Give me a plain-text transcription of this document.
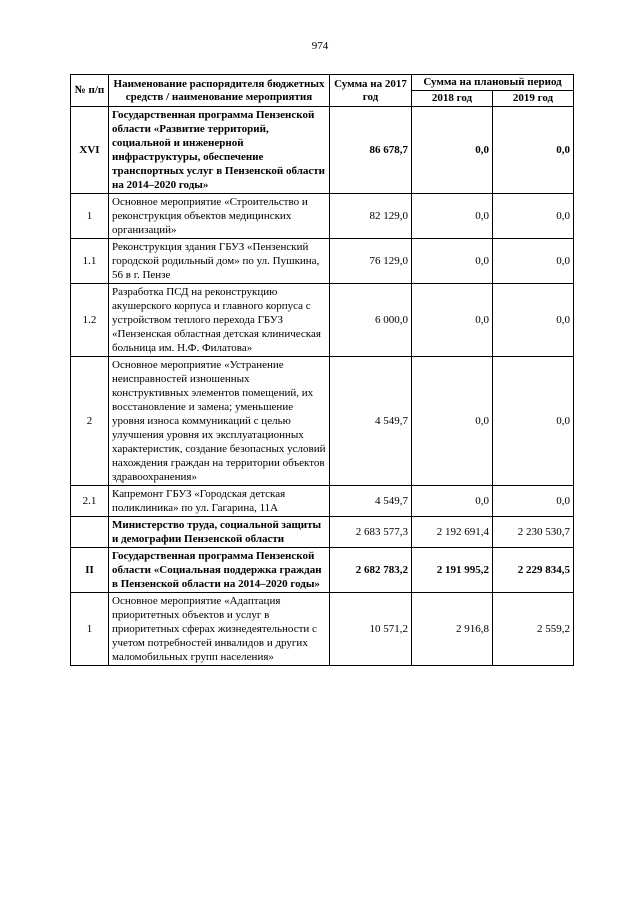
974
№ п/п	Наименование распорядителя бюджетных средств / наименование мероприятия	Сумма на 2017 год	Сумма на плановый период	
			2018 год	2019 год
XVI	Государственная программа Пензенской области «Развитие территорий, социальной и инженерной инфраструктуры, обеспечение транспортных услуг в Пензенской области на 2014–2020 годы»	86 678,7	0,0	0,0
1	Основное мероприятие «Строительство и реконструкция объектов медицинских организаций»	82 129,0	0,0	0,0
1.1	Реконструкция здания ГБУЗ «Пензенский городской родильный дом» по ул. Пушкина, 56 в г. Пензе	76 129,0	0,0	0,0
1.2	Разработка ПСД на реконструкцию акушерского корпуса и главного корпуса с устройством теплого перехода ГБУЗ «Пензенская областная детская клиническая больница им. Н.Ф. Филатова»	6 000,0	0,0	0,0
2	Основное мероприятие «Устранение неисправностей изношенных конструктивных элементов помещений, их восстановление и замена; уменьшение уровня износа коммуникаций с целью улучшения уровня их эксплуатационных характеристик, создание безопасных условий нахождения граждан на территории объектов здравоохранения»	4 549,7	0,0	0,0
2.1	Капремонт ГБУЗ «Городская детская поликлиника» по ул. Гагарина, 11А	4 549,7	0,0	0,0
	Министерство труда, социальной защиты и демографии Пензенской области	2 683 577,3	2 192 691,4	2 230 530,7
II	Государственная программа Пензенской области «Социальная поддержка граждан в Пензенской области на 2014–2020 годы»	2 682 783,2	2 191 995,2	2 229 834,5
1	Основное мероприятие «Адаптация приоритетных объектов и услуг в приоритетных сферах жизнедеятельности с учетом потребностей инвалидов и других маломобильных групп населения»	10 571,2	2 916,8	2 559,2
